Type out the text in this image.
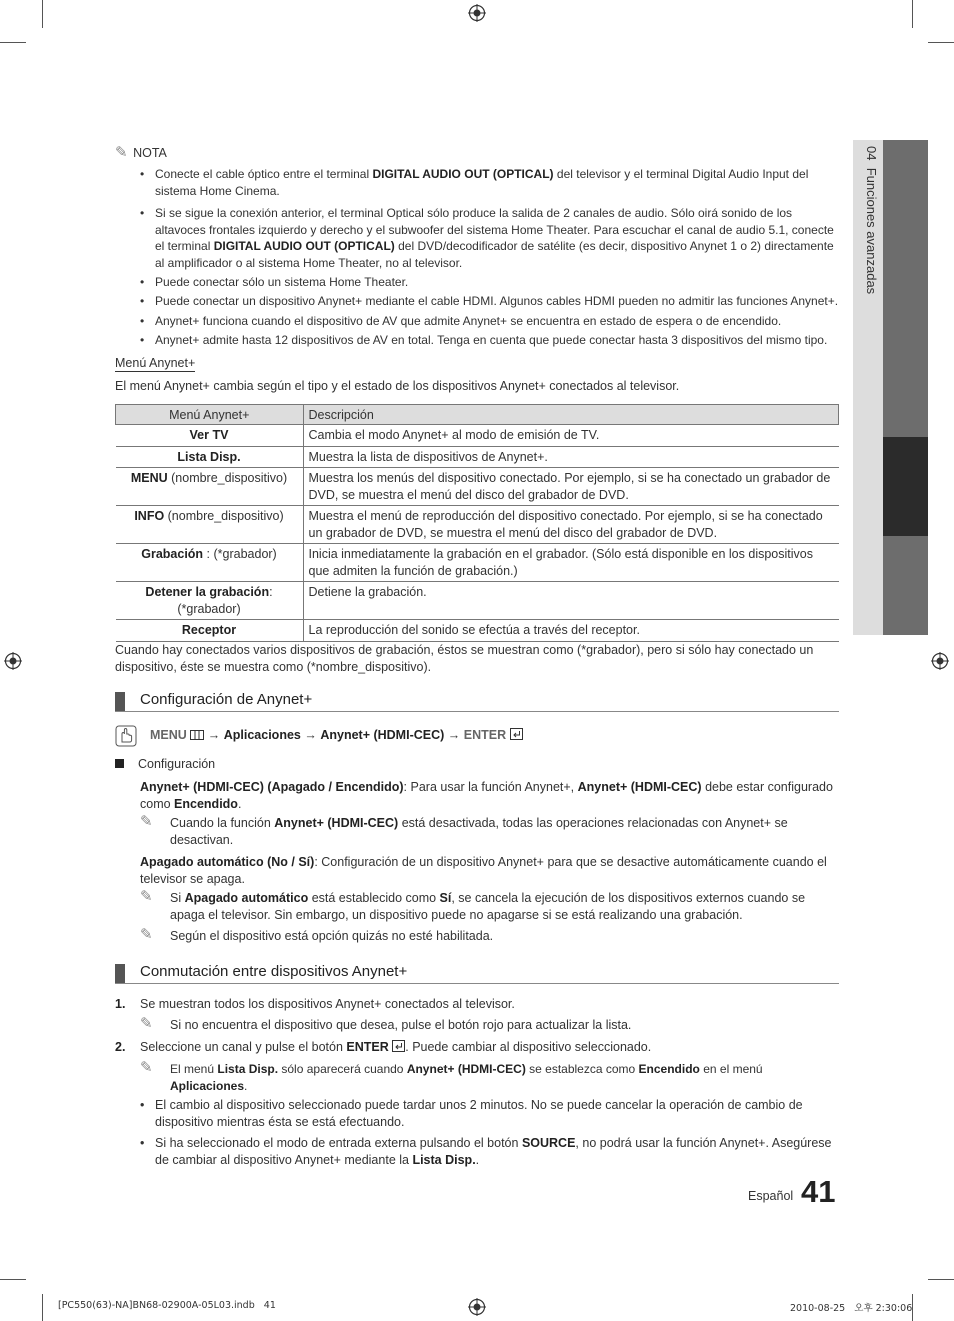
04  Funciones avanzadas
✎ NOTA
• Conecte el cable óptico entre el terminal DIGITAL AUDIO OUT (OPTICAL) del televisor y el terminal Digital Audio Input del sistema Home Cinema.
• Si se sigue la conexión anterior, el terminal Optical sólo produce la salida de 2 canales de audio. Sólo oirá sonido de los altavoces frontales izquierdo y derecho y el subwoofer del sistema Home Theater. Para escuchar el canal de audio 5.1, conecte el terminal DIGITAL AUDIO OUT (OPTICAL) del DVD/decodificador de satélite (es decir, dispositivo Anynet 1 o 2) directamente al amplificador o al sistema Home Theater, no al televisor.
• Puede conectar sólo un sistema Home Theater.
• Puede conectar un dispositivo Anynet+ mediante el cable HDMI. Algunos cables HDMI pueden no admitir las funciones Anynet+.
• Anynet+ funciona cuando el dispositivo de AV que admite Anynet+ se encuentra en estado de espera o de encendido.
• Anynet+ admite hasta 12 dispositivos de AV en total. Tenga en cuenta que puede conectar hasta 3 dispositivos del mismo tipo.
Menú Anynet+
El menú Anynet+ cambia según el tipo y el estado de los dispositivos Anynet+ conectados al televisor.
Menú Anynet+	Descripción
Ver TV	Cambia el modo Anynet+ al modo de emisión de TV.
Lista Disp.	Muestra la lista de dispositivos de Anynet+.
MENU (nombre_dispositivo)	Muestra los menús del dispositivo conectado. Por ejemplo, si se ha conectado un grabador de DVD, se muestra el menú del disco del grabador de DVD.
INFO (nombre_dispositivo)	Muestra el menú de reproducción del dispositivo conectado. Por ejemplo, si se ha conectado un grabador de DVD, se muestra el menú del disco del grabador de DVD.
Grabación : (*grabador)	Inicia inmediatamente la grabación en el grabador. (Sólo está disponible en los dispositivos que admiten la función de grabación.)
Detener la grabación: (*grabador)	Detiene la grabación.
Receptor	La reproducción del sonido se efectúa a través del receptor.
Cuando hay conectados varios dispositivos de grabación, éstos se muestran como (*grabador), pero si sólo hay conectado un dispositivo, éste se muestra como (*nombre_dispositivo).
Configuración de Anynet+
MENU  → Aplicaciones → Anynet+ (HDMI-CEC) → ENTER
Configuración
Anynet+ (HDMI-CEC) (Apagado / Encendido): Para usar la función Anynet+, Anynet+ (HDMI-CEC) debe estar configurado como Encendido.
✎ Cuando la función Anynet+ (HDMI-CEC) está desactivada, todas las operaciones relacionadas con Anynet+ se desactivan.
Apagado automático (No / Sí): Configuración de un dispositivo Anynet+ para que se desactive automáticamente cuando el televisor se apaga.
✎ Si Apagado automático está establecido como Sí, se cancela la ejecución de los dispositivos externos cuando se apaga el televisor. Sin embargo, un dispositivo puede no apagarse si se está realizando una grabación.
✎ Según el dispositivo está opción quizás no esté habilitada.
Conmutación entre dispositivos Anynet+
1. Se muestran todos los dispositivos Anynet+ conectados al televisor.
✎ Si no encuentra el dispositivo que desea, pulse el botón rojo para actualizar la lista.
2. Seleccione un canal y pulse el botón ENTER . Puede cambiar al dispositivo seleccionado.
✎ El menú Lista Disp. sólo aparecerá cuando Anynet+ (HDMI-CEC) se establezca como Encendido en el menú Aplicaciones.
• El cambio al dispositivo seleccionado puede tardar unos 2 minutos. No se puede cancelar la operación de cambio de dispositivo mientras ésta se está efectuando.
• Si ha seleccionado el modo de entrada externa pulsando el botón SOURCE, no podrá usar la función Anynet+. Asegúrese de cambiar al dispositivo Anynet+ mediante la Lista Disp..
Español 41
[PC550(63)-NA]BN68-02900A-05L03.indb   41	2010-08-25   오후 2:30:06
